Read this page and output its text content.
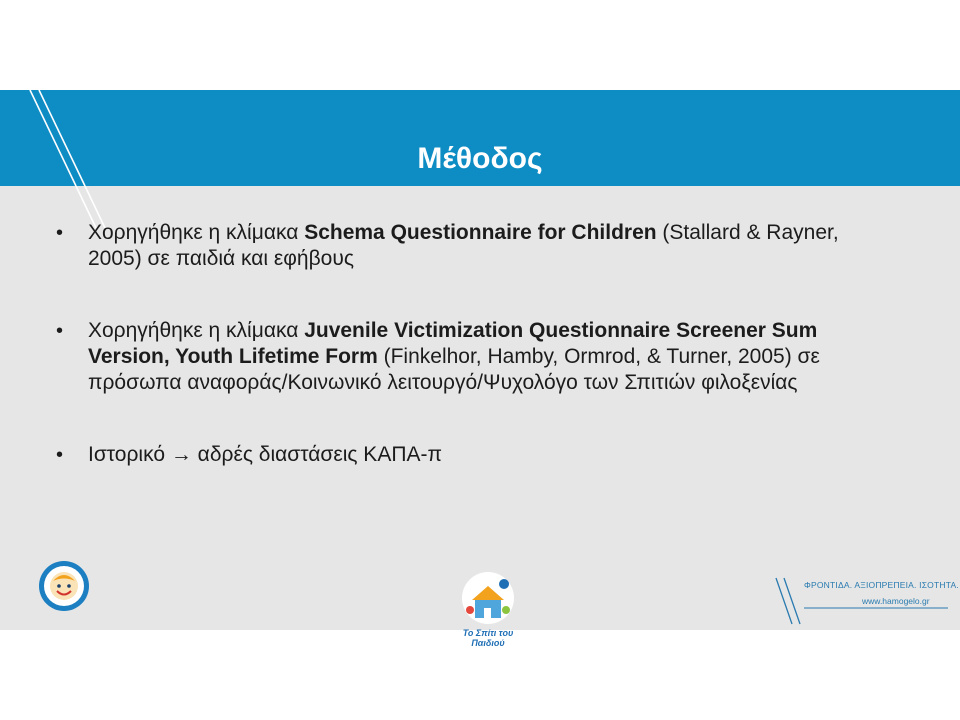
Μέθοδος
• Χορηγήθηκε η κλίμακα Schema Questionnaire for Children (Stallard & Rayner, 2005) σε παιδιά και εφήβους
• Χορηγήθηκε η κλίμακα Juvenile Victimization Questionnaire Screener Sum Version, Youth Lifetime Form (Finkelhor, Hamby, Ormrod, & Turner, 2005) σε πρόσωπα αναφοράς/Κοινωνικό λειτουργό/Ψυχολόγο των Σπιτιών φιλοξενίας
• Ιστορικό → αδρές διαστάσεις ΚΑΠΑ-π
Το Σπίτι του Παιδιού
ΦΡΟΝΤΙΔΑ. ΑΞΙΟΠΡΕΠΕΙΑ. ΙΣΟΤΗΤΑ.
www.hamogelo.gr
